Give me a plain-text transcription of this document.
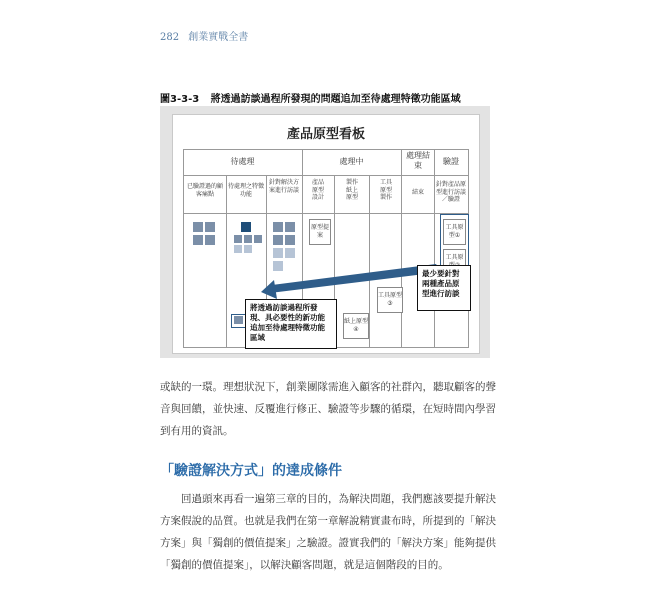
282 創業實戰全書
圖3-3-3 將透過訪談過程所發現的問題追加至待處理特徵功能區域
產品原型看板
待處理	處理中
處理結束	驗證
已驗證過的顧客痛點
待處理之特徵功能
針對解決方案進行訪談
產品原型設計
製作紙上原型
工具原型製作
結束
針對產品原型進行訪談／驗證
原型提案
工具原型③
紙上原型④
工具原型①
工具原
將透過訪談過程所發現、具必要性的新功能追加至待處理特徵功能區域
最少要針對兩種產品原型進行訪談
或缺的一環。理想狀況下，創業團隊需進入顧客的社群內，聽取顧客的聲音與回饋，並快速、反覆進行修正、驗證等步驟的循環，在短時間內學習到有用的資訊。
「驗證解決方式」的達成條件
回過頭來再看一遍第三章的目的，為解決問題，我們應該要提升解決方案假說的品質。也就是我們在第一章解說精實畫布時，所提到的「解決方案」與「獨創的價值提案」之驗證。證實我們的「解決方案」能夠提供「獨創的價值提案」，以解決顧客問題，就是這個階段的目的。
